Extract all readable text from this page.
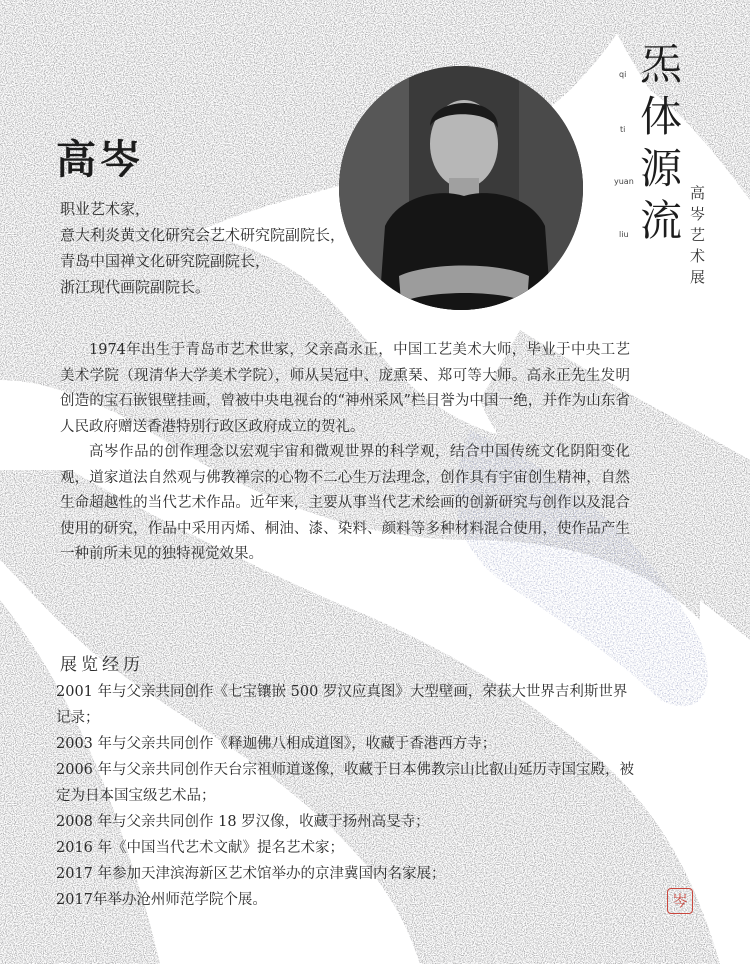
qi
ti
yuan
liu
炁
体
源
流
高岑艺术展
高岑
职业艺术家，
意大利炎黄文化研究会艺术研究院副院长，
青岛中国禅文化研究院副院长，
浙江现代画院副院长。

1974年出生于青岛市艺术世家，父亲高永正，中国工艺美术大师，毕业于中央工艺美术学院（现清华大学美术学院），师从吴冠中、庞熏琹、郑可等大师。高永正先生发明创造的宝石嵌银壁挂画，曾被中央电视台的“神州采风”栏目誉为中国一绝，并作为山东省人民政府赠送香港特别行政区政府成立的贺礼。

高岑作品的创作理念以宏观宇宙和微观世界的科学观，结合中国传统文化阴阳变化观，道家道法自然观与佛教禅宗的心物不二心生万法理念，创作具有宇宙创生精神，自然生命超越性的当代艺术作品。近年来，主要从事当代艺术绘画的创新研究与创作以及混合使用的研究，作品中采用丙烯、桐油、漆、染料、颜料等多种材料混合使用，使作品产生一种前所未见的独特视觉效果。

展览经历
2001 年与父亲共同创作《七宝镶嵌 500 罗汉应真图》大型壁画，荣获大世界吉利斯世界记录；
2003 年与父亲共同创作《释迦佛八相成道图》，收藏于香港西方寺；
2006 年与父亲共同创作天台宗祖师道遂像，收藏于日本佛教宗山比叡山延历寺国宝殿，被定为日本国宝级艺术品；
2008 年与父亲共同创作 18 罗汉像，收藏于扬州高旻寺；
2016 年《中国当代艺术文献》提名艺术家；
2017 年参加天津滨海新区艺术馆举办的京津冀国内名家展；
2017年举办沧州师范学院个展。	岑
